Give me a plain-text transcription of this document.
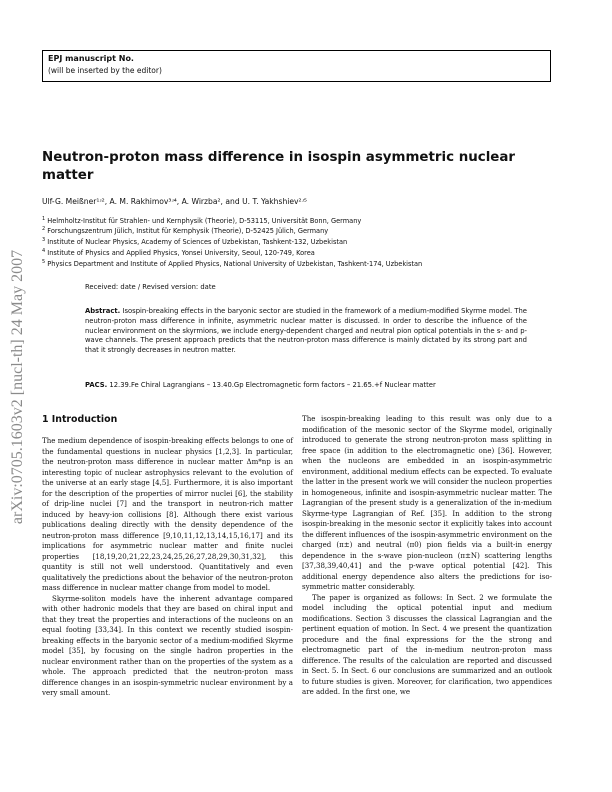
EPJ manuscript No.
(will be inserted by the editor)
arXiv:0705.1603v2 [nucl-th] 24 May 2007
Neutron-proton mass difference in isospin asymmetric nuclear matter
Ulf-G. Meißner¹ʴ², A. M. Rakhimov³ʴ⁴, A. Wirzba², and U. T. Yakhshiev²ʴ⁵
$^1$ Helmholtz-Institut für Strahlen- und Kernphysik (Theorie), D-53115, Universität Bonn, Germany
$^2$ Forschungszentrum Jülich, Institut für Kernphysik (Theorie), D-52425 Jülich, Germany
$^3$ Institute of Nuclear Physics, Academy of Sciences of Uzbekistan, Tashkent-132, Uzbekistan
$^4$ Institute of Physics and Applied Physics, Yonsei University, Seoul, 120-749, Korea
$^5$ Physics Department and Institute of Applied Physics, National University of Uzbekistan, Tashkent-174, Uzbekistan
Received: date / Revised version: date
Abstract. Isospin-breaking effects in the baryonic sector are studied in the framework of a medium-modified Skyrme model. The neutron-proton mass difference in infinite, asymmetric nuclear matter is discussed. In order to describe the influence of the nuclear environment on the skyrmions, we include energy-dependent charged and neutral pion optical potentials in the s- and p-wave channels. The present approach predicts that the neutron-proton mass difference is mainly dictated by its strong part and that it strongly decreases in neutron matter.
PACS. 12.39.Fe Chiral Lagrangians – 13.40.Gp Electromagnetic form factors – 21.65.+f Nuclear matter
1 Introduction

The medium dependence of isospin-breaking effects belongs to one of the fundamental questions in nuclear physics [1,2,3]. In particular, the neutron-proton mass difference in nuclear matter Δm*np is an interesting topic of nuclear astrophysics relevant to the evolution of the universe at an early stage [4,5]. Furthermore, it is also important for the description of the properties of mirror nuclei [6], the stability of drip-line nuclei [7] and the transport in neutron-rich matter induced by heavy-ion collisions [8]. Although there exist various publications dealing directly with the density dependence of the neutron-proton mass difference [9,10,11,12,13,14,15,16,17] and its implications for asymmetric nuclear matter and finite nuclei properties [18,19,20,21,22,23,24,25,26,27,28,29,30,31,32], this quantity is still not well understood. Quantitatively and even qualitatively the predictions about the behavior of the neutron-proton mass difference in nuclear matter change from model to model.

Skyrme-soliton models have the inherent advantage compared with other hadronic models that they are based on chiral input and that they treat the properties and interactions of the nucleons on an equal footing [33,34]. In this context we recently studied isospin-breaking effects in the baryonic sector of a medium-modified Skyrme model [35], by focusing on the single hadron properties in the nuclear environment rather than on the properties of the system as a whole. The approach predicted that the neutron-proton mass difference changes in an isospin-symmetric nuclear environment by a very small amount.

The isospin-breaking leading to this result was only due to a modification of the mesonic sector of the Skyrme model, originally introduced to generate the strong neutron-proton mass splitting in free space (in addition to the electromagnetic one) [36]. However, when the nucleons are embedded in an isospin-asymmetric environment, additional medium effects can be expected. To evaluate the latter in the present work we will consider the nucleon properties in homogeneous, infinite and isospin-asymmetric nuclear matter. The Lagrangian of the present study is a generalization of the in-medium Skyrme-type Lagrangian of Ref. [35]. In addition to the strong isospin-breaking in the mesonic sector it explicitly takes into account the different influences of the isospin-asymmetric environment on the charged (π±) and neutral (π0) pion fields via a built-in energy dependence in the s-wave pion-nucleon (π±N) scattering lengths [37,38,39,40,41] and the p-wave optical potential [42]. This additional energy dependence also alters the predictions for iso-symmetric matter considerably.

The paper is organized as follows: In Sect. 2 we formulate the model including the optical potential input and medium modifications. Section 3 discusses the classical Lagrangian and the pertinent equation of motion. In Sect. 4 we present the quantization procedure and the final expressions for the the strong and electromagnetic part of the in-medium neutron-proton mass difference. The results of the calculation are reported and discussed in Sect. 5. In Sect. 6 our conclusions are summarized and an outlook to future studies is given. Moreover, for clarification, two appendices are added. In the first one, we
